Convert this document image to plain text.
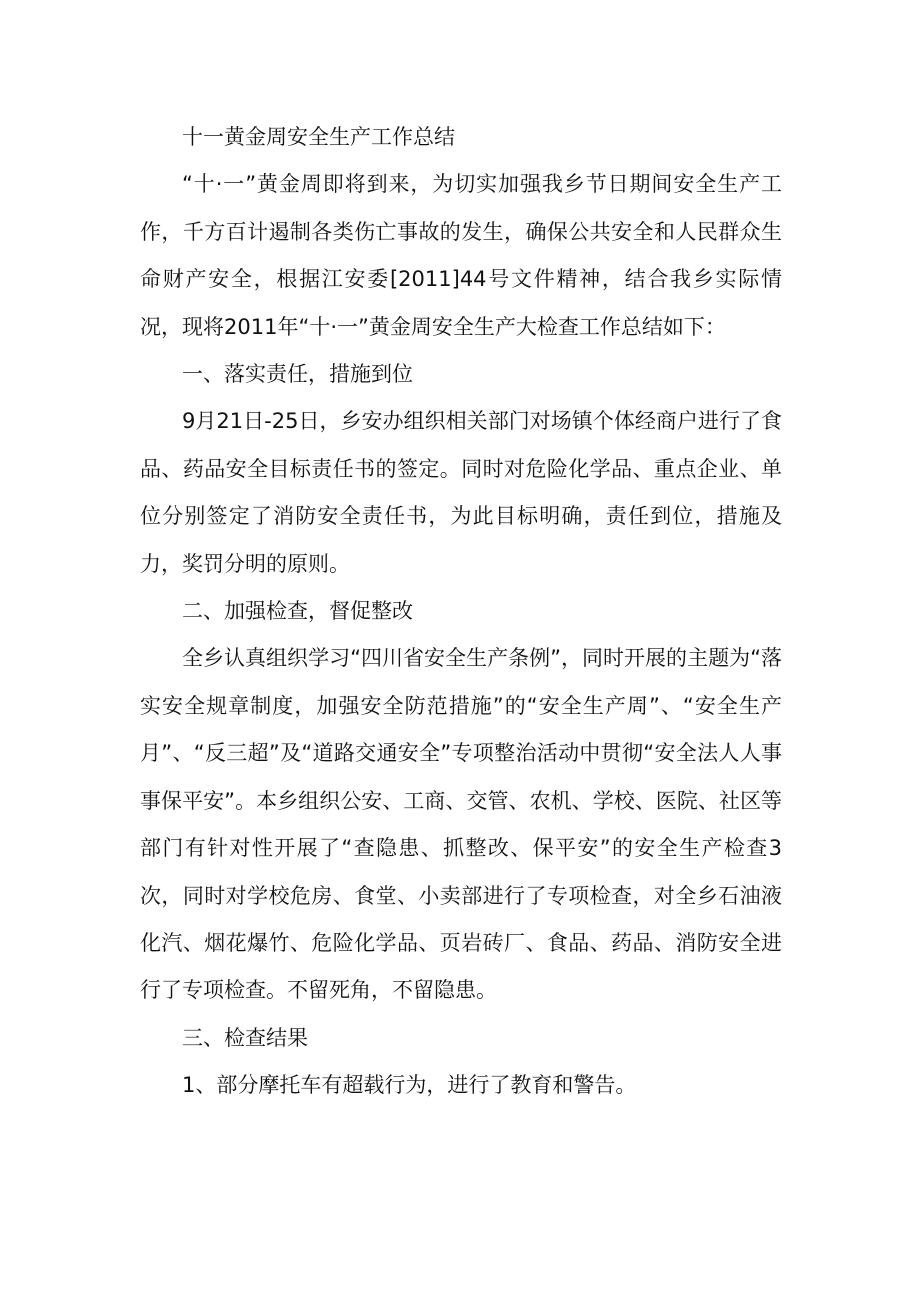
十一黄金周安全生产工作总结

“十·一”黄金周即将到来，为切实加强我乡节日期间安全生产工作，千方百计遏制各类伤亡事故的发生，确保公共安全和人民群众生命财产安全，根据江安委[2011]44号文件精神，结合我乡实际情况，现将2011年“十·一”黄金周安全生产大检查工作总结如下：

一、落实责任，措施到位

9月21日-25日，乡安办组织相关部门对场镇个体经商户进行了食品、药品安全目标责任书的签定。同时对危险化学品、重点企业、单位分别签定了消防安全责任书，为此目标明确，责任到位，措施及力，奖罚分明的原则。

二、加强检查，督促整改

全乡认真组织学习“四川省安全生产条例”，同时开展的主题为“落实安全规章制度，加强安全防范措施”的“安全生产周”、“安全生产月”、“反三超”及“道路交通安全”专项整治活动中贯彻“安全法人人事事保平安”。本乡组织公安、工商、交管、农机、学校、医院、社区等部门有针对性开展了“查隐患、抓整改、保平安”的安全生产检查3次，同时对学校危房、食堂、小卖部进行了专项检查，对全乡石油液化汽、烟花爆竹、危险化学品、页岩砖厂、食品、药品、消防安全进行了专项检查。不留死角，不留隐患。

三、检查结果

1、部分摩托车有超载行为，进行了教育和警告。
